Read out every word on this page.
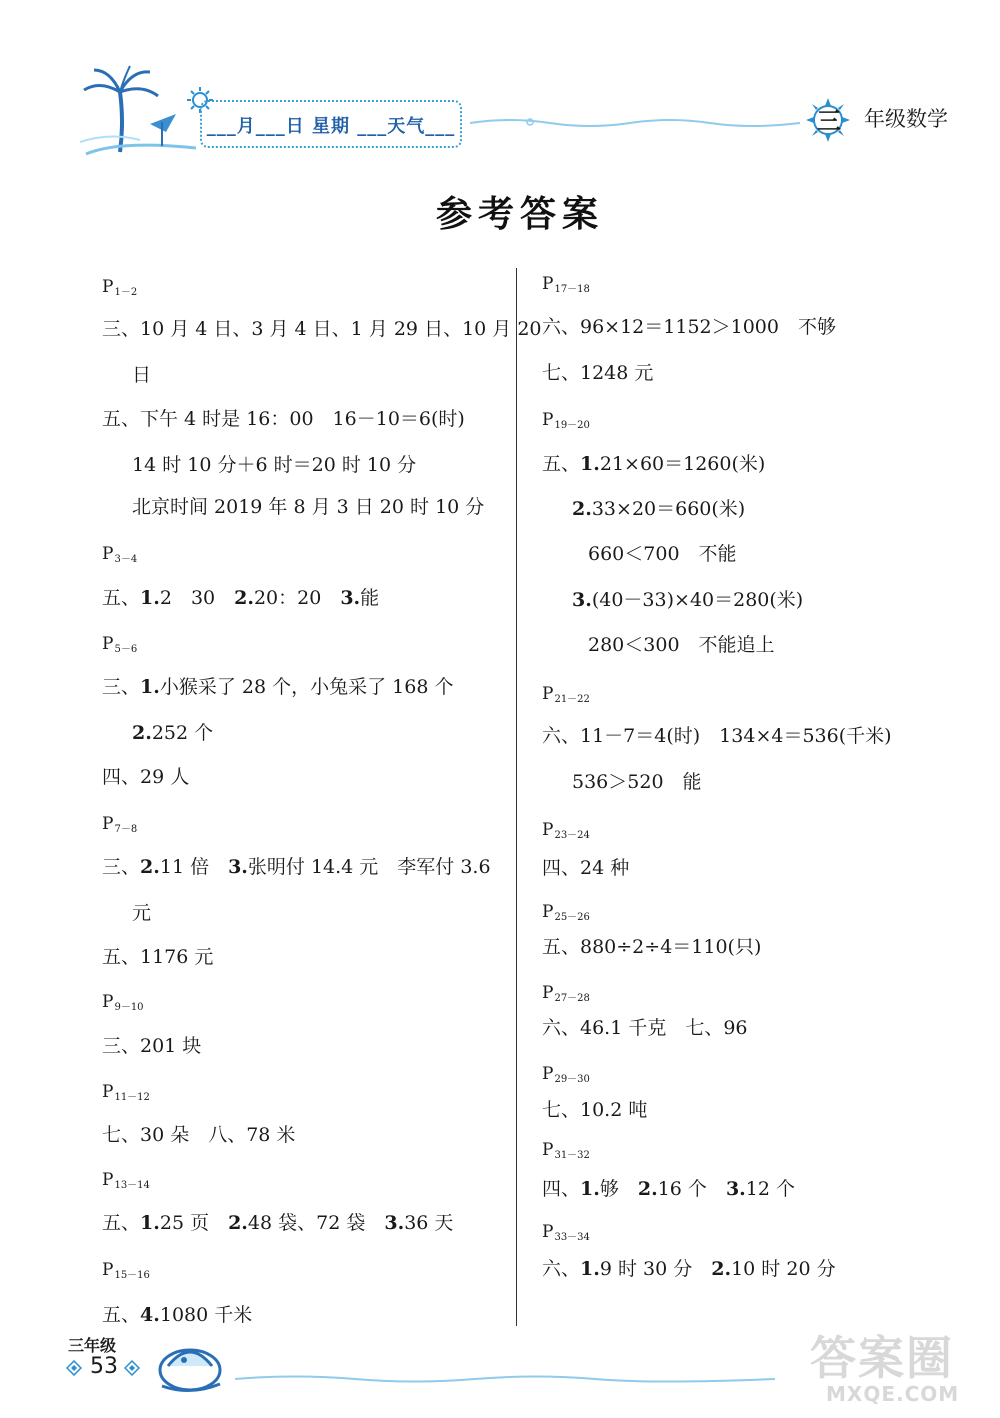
___月___日 星期 ___天气___	三 年级数学
参考答案
P1－2
三、10 月 4 日、3 月 4 日、1 月 29 日、10 月 20
日
五、下午 4 时是 16：00　16－10＝6(时)
14 时 10 分＋6 时＝20 时 10 分
北京时间 2019 年 8 月 3 日 20 时 10 分
P3－4
五、1.2　30　2.20：20　3.能
P5－6
三、1.小猴采了 28 个，小兔采了 168 个
2.252 个
四、29 人
P7－8
三、2.11 倍　3.张明付 14.4 元　李军付 3.6
元
五、1176 元
P9－10
三、201 块
P11－12
七、30 朵　八、78 米
P13－14
五、1.25 页　2.48 袋、72 袋　3.36 天
P15－16
五、4.1080 千米
P17－18
六、96×12＝1152＞1000　不够
七、1248 元
P19－20
五、1.21×60＝1260(米)
2.33×20＝660(米)
660＜700　不能
3.(40－33)×40＝280(米)
280＜300　不能追上
P21－22
六、11－7＝4(时)　134×4＝536(千米)
536＞520　能
P23－24
四、24 种
P25－26
五、880÷2÷4＝110(只)
P27－28
六、46.1 千克　七、96
P29－30
七、10.2 吨
P31－32
四、1.够　2.16 个　3.12 个
P33－34
六、1.9 时 30 分　2.10 时 20 分
三年级
53	答案圈
MXQE.COM
